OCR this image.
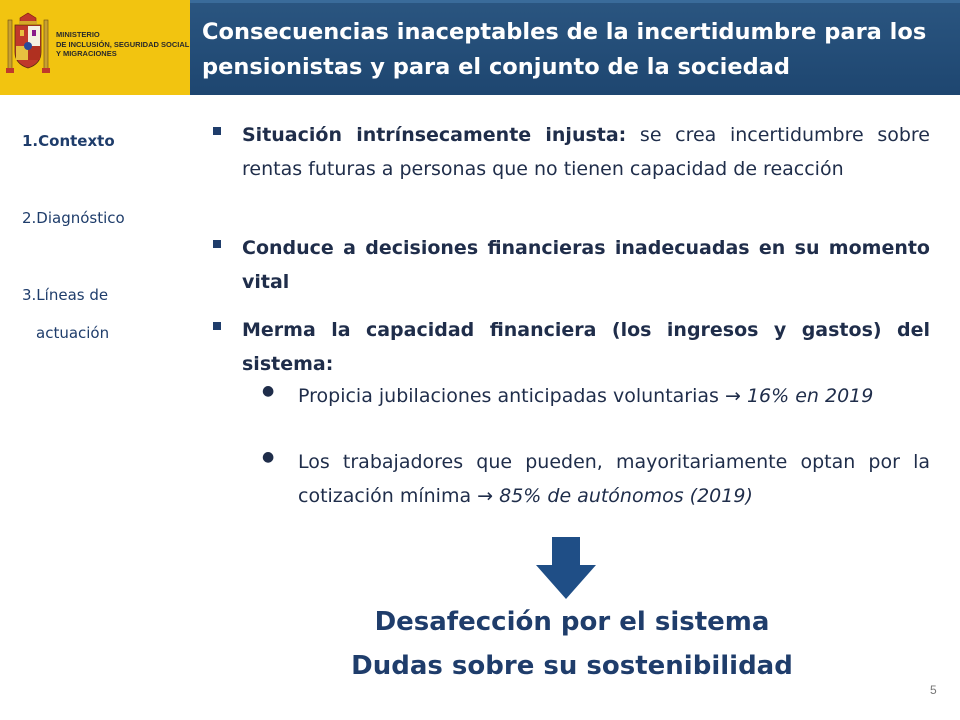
MINISTERIO
DE INCLUSIÓN, SEGURIDAD SOCIAL
Y MIGRACIONES
Consecuencias inaceptables de la incertidumbre para los
pensionistas y para el conjunto de la sociedad
1.Contexto
2.Diagnóstico
3.Líneas de
actuación
Situación intrínsecamente injusta: se crea incertidumbre sobre rentas futuras a personas que no tienen capacidad de reacción
Conduce a decisiones financieras inadecuadas en su momento vital
Merma la capacidad financiera (los ingresos y gastos) del sistema:
● Propicia jubilaciones anticipadas voluntarias → 16% en 2019
● Los trabajadores que pueden, mayoritariamente optan por la cotización mínima → 85% de autónomos (2019)
Desafección por el sistema
Dudas sobre su sostenibilidad
5
